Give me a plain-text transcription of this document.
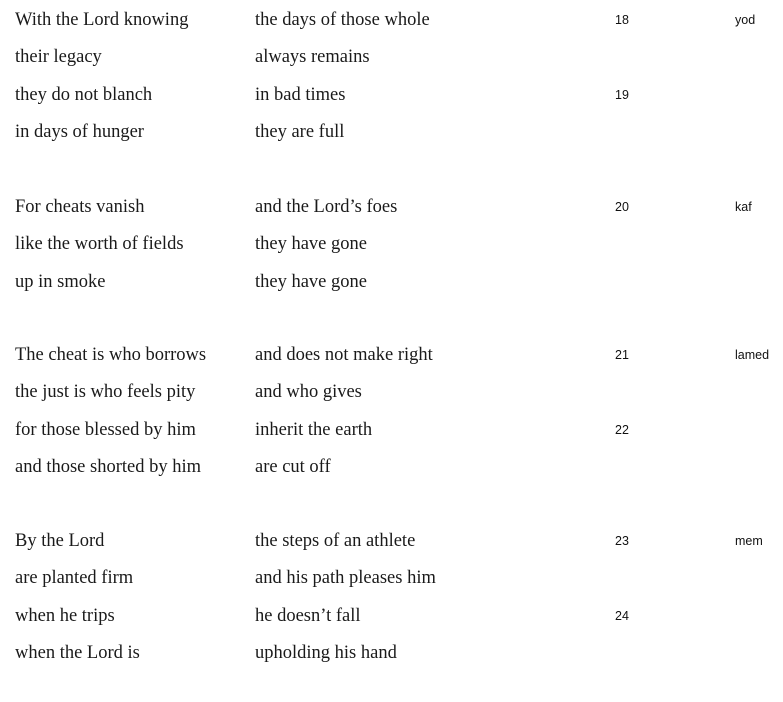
With the Lord knowing	the days of those whole	18	yod
their legacy	always remains
they do not blanch	in bad times	19
in days of hunger	they are full
For cheats vanish	and the Lord’s foes	20	kaf
like the worth of fields	they have gone
up in smoke	they have gone
The cheat is who borrows	and does not make right	21	lamed
the just is who feels pity	and who gives
for those blessed by him	inherit the earth	22
and those shorted by him	are cut off
By the Lord	the steps of an athlete	23	mem
are planted firm	and his path pleases him
when he trips	he doesn’t fall	24
when the Lord is	upholding his hand
